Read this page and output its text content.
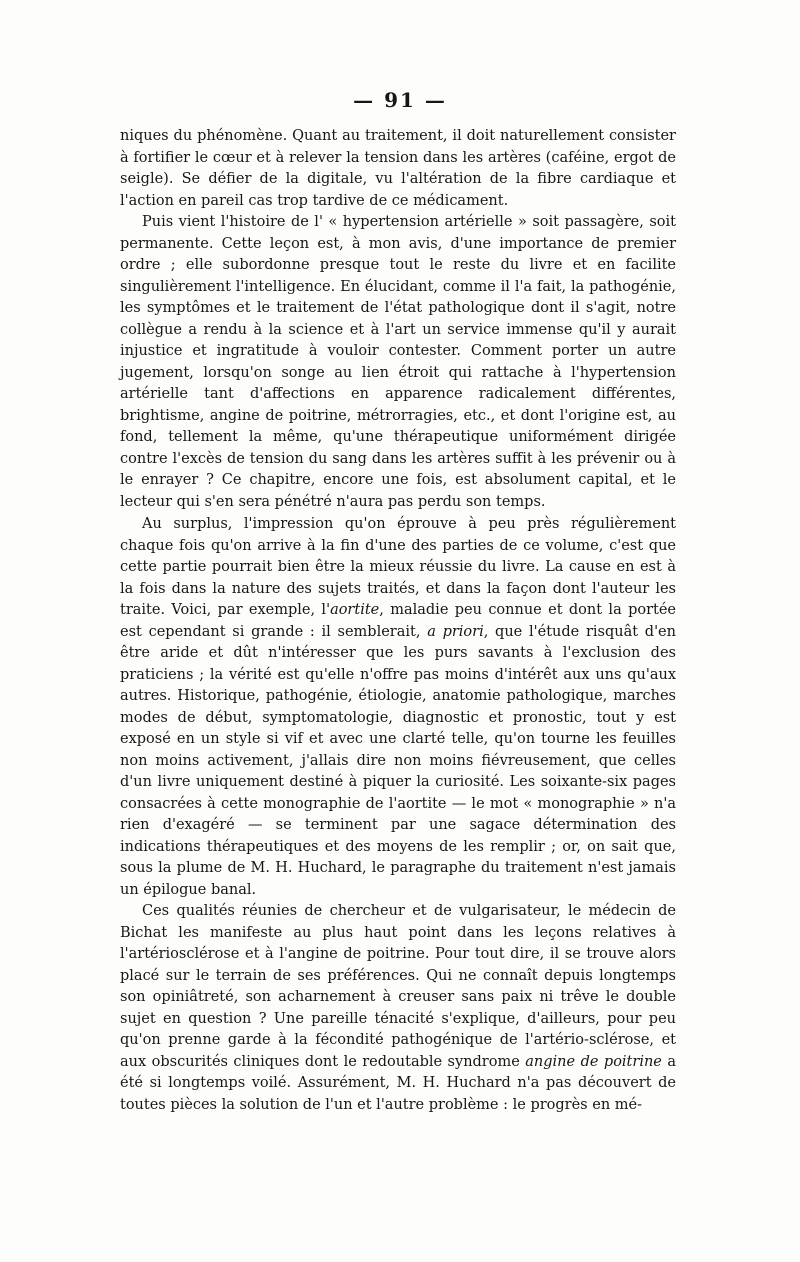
— 91 —

niques du phénomène. Quant au traitement, il doit naturellement consister à fortifier le cœur et à relever la tension dans les artères (caféine, ergot de seigle). Se défier de la digitale, vu l'altération de la fibre cardiaque et l'action en pareil cas trop tardive de ce médicament.

Puis vient l'histoire de l' « hypertension artérielle » soit passagère, soit permanente. Cette leçon est, à mon avis, d'une importance de premier ordre ; elle subordonne presque tout le reste du livre et en facilite singulièrement l'intelligence. En élucidant, comme il l'a fait, la pathogénie, les symptômes et le traitement de l'état pathologique dont il s'agit, notre collègue a rendu à la science et à l'art un service immense qu'il y aurait injustice et ingratitude à vouloir contester. Comment porter un autre jugement, lorsqu'on songe au lien étroit qui rattache à l'hypertension artérielle tant d'affections en apparence radicalement différentes, brightisme, angine de poitrine, métrorragies, etc., et dont l'origine est, au fond, tellement la même, qu'une thérapeutique uniformément dirigée contre l'excès de tension du sang dans les artères suffit à les prévenir ou à le enrayer ? Ce chapitre, encore une fois, est absolument capital, et le lecteur qui s'en sera pénétré n'aura pas perdu son temps.

Au surplus, l'impression qu'on éprouve à peu près régulièrement chaque fois qu'on arrive à la fin d'une des parties de ce volume, c'est que cette partie pourrait bien être la mieux réussie du livre. La cause en est à la fois dans la nature des sujets traités, et dans la façon dont l'auteur les traite. Voici, par exemple, l'aortite, maladie peu connue et dont la portée est cependant si grande : il semblerait, a priori, que l'étude risquât d'en être aride et dût n'intéresser que les purs savants à l'exclusion des praticiens ; la vérité est qu'elle n'offre pas moins d'intérêt aux uns qu'aux autres. Historique, pathogénie, étiologie, anatomie pathologique, marches modes de début, symptomatologie, diagnostic et pronostic, tout y est exposé en un style si vif et avec une clarté telle, qu'on tourne les feuilles non moins activement, j'allais dire non moins fiévreusement, que celles d'un livre uniquement destiné à piquer la curiosité. Les soixante-six pages consacrées à cette monographie de l'aortite — le mot « monographie » n'a rien d'exagéré — se terminent par une sagace détermination des indications thérapeutiques et des moyens de les remplir ; or, on sait que, sous la plume de M. H. Huchard, le paragraphe du traitement n'est jamais un épilogue banal.

Ces qualités réunies de chercheur et de vulgarisateur, le médecin de Bichat les manifeste au plus haut point dans les leçons relatives à l'artériosclérose et à l'angine de poitrine. Pour tout dire, il se trouve alors placé sur le terrain de ses préférences. Qui ne connaît depuis longtemps son opiniâtreté, son acharnement à creuser sans paix ni trêve le double sujet en question ? Une pareille ténacité s'explique, d'ailleurs, pour peu qu'on prenne garde à la fécondité pathogénique de l'artério-sclérose, et aux obscurités cliniques dont le redoutable syndrome angine de poitrine a été si longtemps voilé. Assurément, M. H. Huchard n'a pas découvert de toutes pièces la solution de l'un et l'autre problème : le progrès en mé-
